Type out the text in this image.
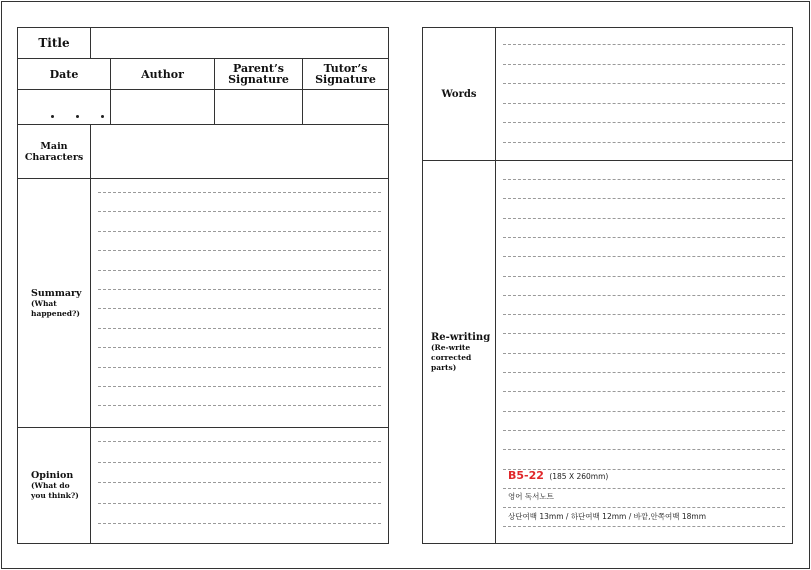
Title
Date	Author	Parent’s
Signature
Tutor’s
Signature
Main
Characters
Summary
(What
happened?)
Opinion
(What do
you think?)
Words
Re-writing
(Re-write
corrected
parts)
B5-22 (185 X 260mm)
영어 독서노트
상단여백 13mm / 하단여백 12mm / 바깥,안쪽여백 18mm
